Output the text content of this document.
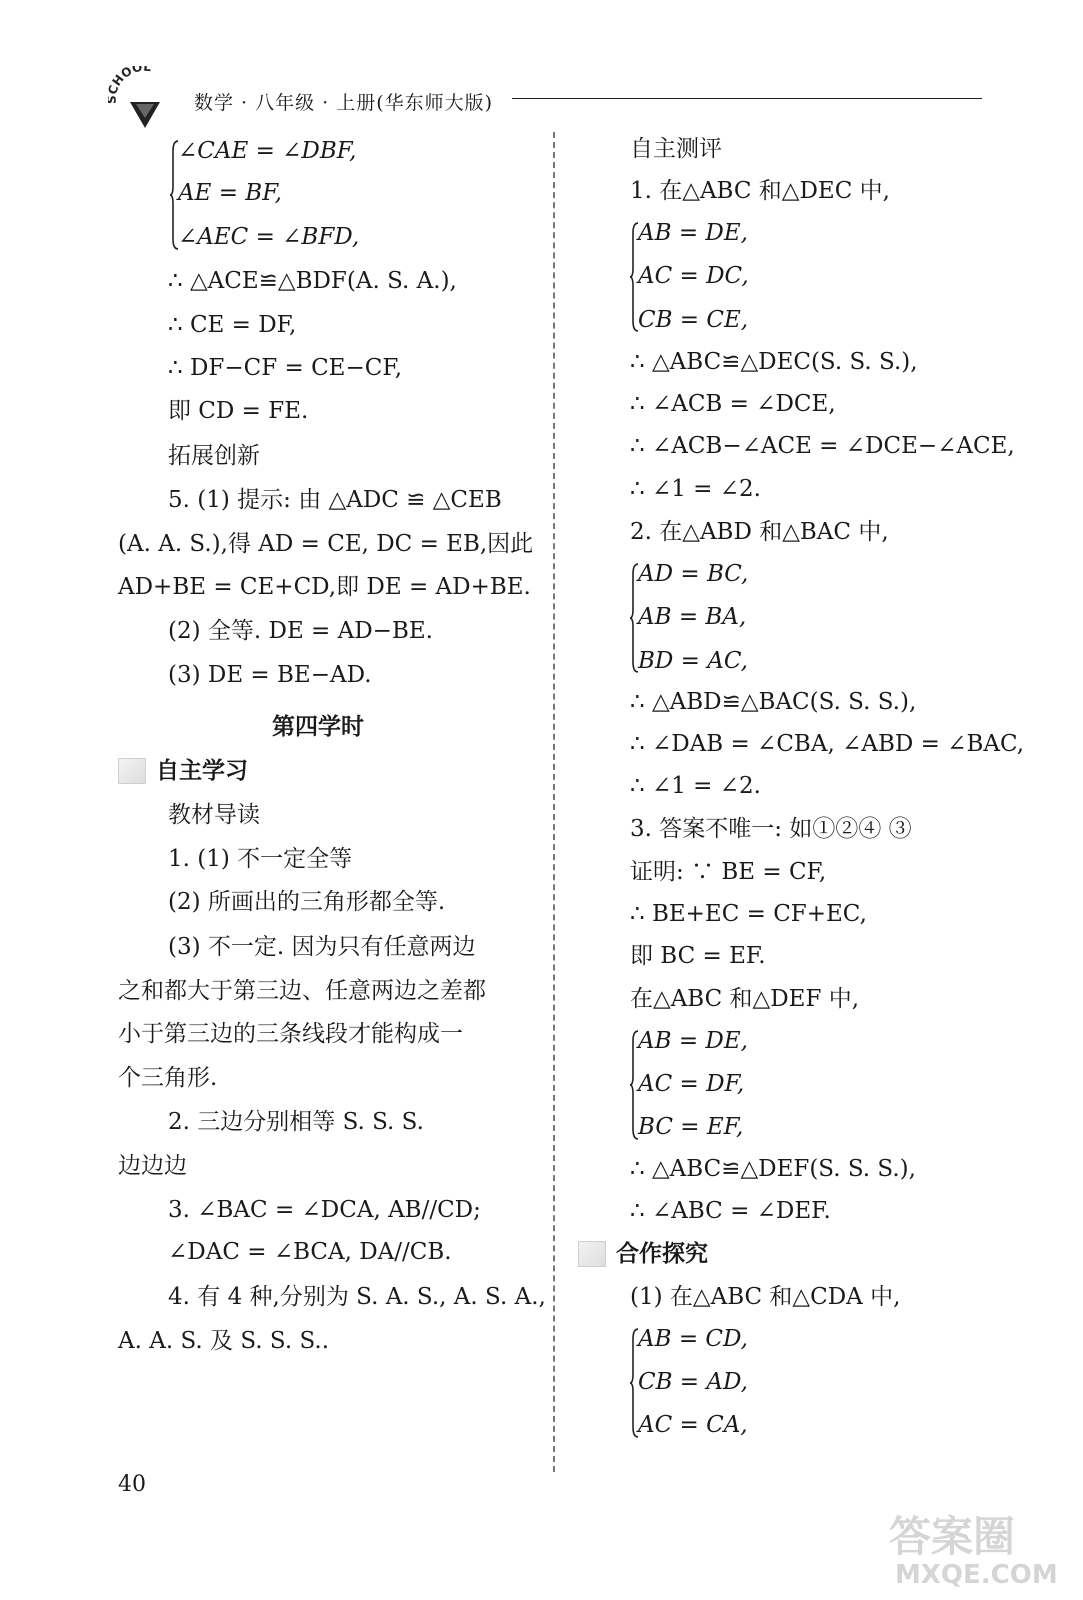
HOOL
数学 · 八年级 · 上册(华东师大版)
∠CAE = ∠DBF,
AE = BF,
∠AEC = ∠BFD,
∴ △ACE≌△BDF(A. S. A.),
∴ CE = DF,
∴ DF−CF = CE−CF,
即 CD = FE.
拓展创新
5. (1) 提示: 由 △ADC ≌ △CEB
(A. A. S.),得 AD = CE, DC = EB,因此
AD+BE = CE+CD,即 DE = AD+BE.
(2) 全等. DE = AD−BE.
(3) DE = BE−AD.
第四学时
自主学习
教材导读
1. (1) 不一定全等
(2) 所画出的三角形都全等.
(3) 不一定. 因为只有任意两边
之和都大于第三边、任意两边之差都
小于第三边的三条线段才能构成一
个三角形.
2. 三边分别相等 S. S. S.
边边边
3. ∠BAC = ∠DCA, AB//CD;
∠DAC = ∠BCA, DA//CB.
4. 有 4 种,分别为 S. A. S., A. S. A.,
A. A. S. 及 S. S. S..
自主测评
1. 在△ABC 和△DEC 中,
AB = DE,
AC = DC,
CB = CE,
∴ △ABC≌△DEC(S. S. S.),
∴ ∠ACB = ∠DCE,
∴ ∠ACB−∠ACE = ∠DCE−∠ACE,
∴ ∠1 = ∠2.
2. 在△ABD 和△BAC 中,
AD = BC,
AB = BA,
BD = AC,
∴ △ABD≌△BAC(S. S. S.),
∴ ∠DAB = ∠CBA, ∠ABD = ∠BAC,
∴ ∠1 = ∠2.
3. 答案不唯一: 如①②④ ③
证明: ∵ BE = CF,
∴ BE+EC = CF+EC,
即 BC = EF.
在△ABC 和△DEF 中,
AB = DE,
AC = DF,
BC = EF,
∴ △ABC≌△DEF(S. S. S.),
∴ ∠ABC = ∠DEF.
合作探究
(1) 在△ABC 和△CDA 中,
AB = CD,
CB = AD,
AC = CA,
40
答案圈
MXQE.COM
